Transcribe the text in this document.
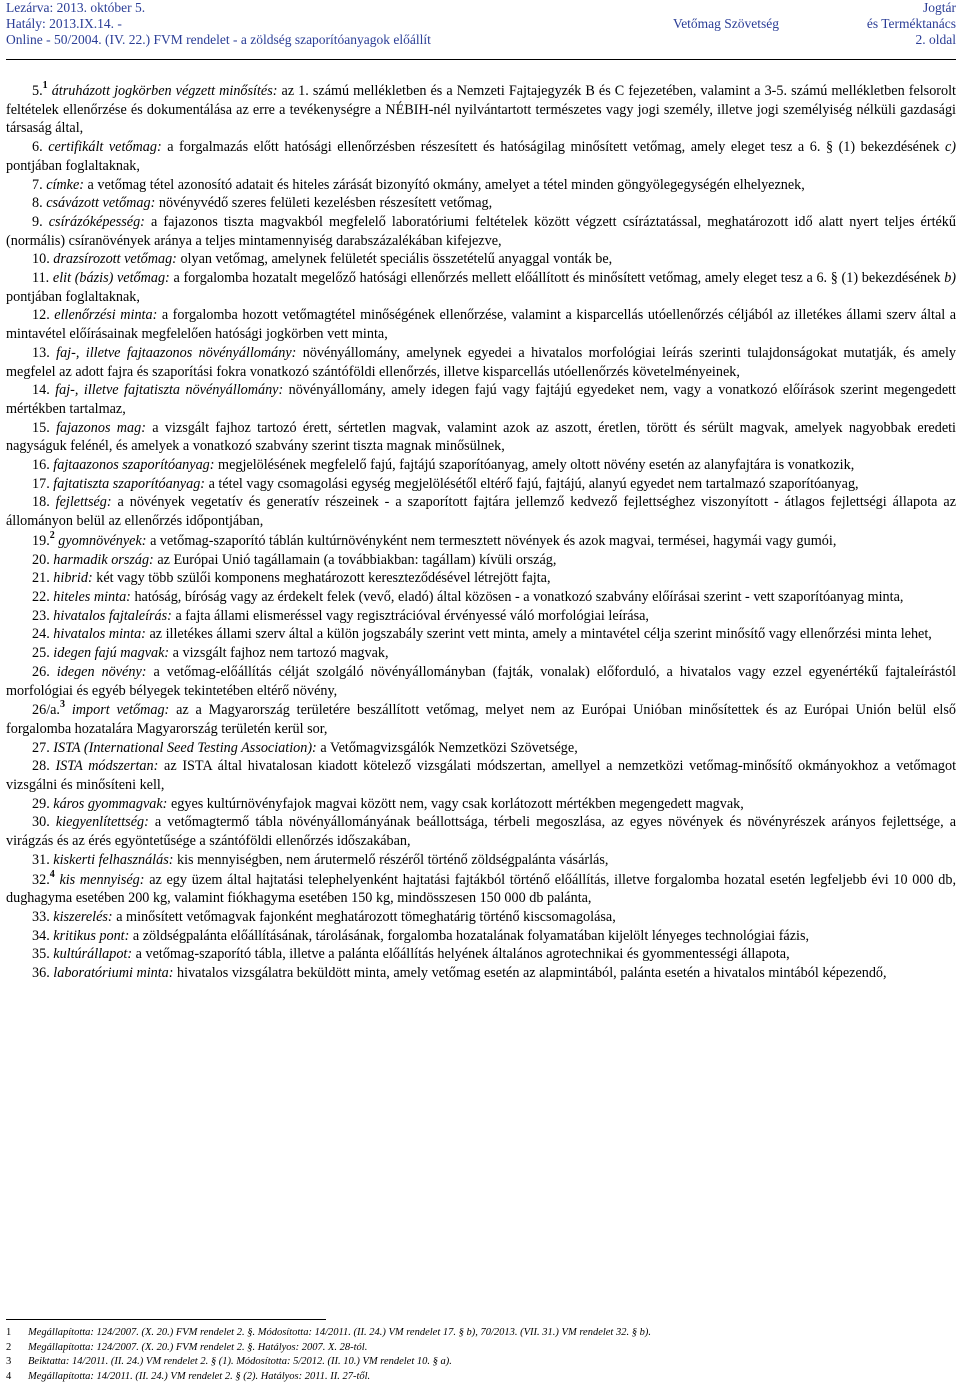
Lezárva: 2013. október 5.	Jogtár
Hatály: 2013.IX.14. -	Vetőmag Szövetség	és Terméktanács
Online - 50/2004. (IV. 22.) FVM rendelet - a zöldség szaporítóanyagok előállít	2. oldal

5.$^1$ átruházott jogkörben végzett minősítés: az 1. számú mellékletben és a Nemzeti Fajtajegyzék B és C fejezetében, valamint a 3-5. számú mellékletben felsorolt feltételek ellenőrzése és dokumentálása az erre a tevékenységre a NÉBIH-nél nyilvántartott természetes vagy jogi személy, illetve jogi személyiség nélküli gazdasági társaság által,

6. certifikált vetőmag: a forgalmazás előtt hatósági ellenőrzésben részesített és hatóságilag minősített vetőmag, amely eleget tesz a 6. § (1) bekezdésének c) pontjában foglaltaknak,

7. címke: a vetőmag tétel azonosító adatait és hiteles zárását bizonyító okmány, amelyet a tétel minden göngyölegegységén elhelyeznek,

8. csávázott vetőmag: növényvédő szeres felületi kezelésben részesített vetőmag,

9. csírázóképesség: a fajazonos tiszta magvakból megfelelő laboratóriumi feltételek között végzett csíráztatással, meghatározott idő alatt nyert teljes értékű (normális) csíranövények aránya a teljes mintamennyiség darabszázalékában kifejezve,

10. drazsírozott vetőmag: olyan vetőmag, amelynek felületét speciális összetételű anyaggal vonták be,

11. elit (bázis) vetőmag: a forgalomba hozatalt megelőző hatósági ellenőrzés mellett előállított és minősített vetőmag, amely eleget tesz a 6. § (1) bekezdésének b) pontjában foglaltaknak,

12. ellenőrzési minta: a forgalomba hozott vetőmagtétel minőségének ellenőrzése, valamint a kisparcellás utóellenőrzés céljából az illetékes állami szerv által a mintavétel előírásainak megfelelően hatósági jogkörben vett minta,

13. faj-, illetve fajtaazonos növényállomány: növényállomány, amelynek egyedei a hivatalos morfológiai leírás szerinti tulajdonságokat mutatják, és amely megfelel az adott fajra és szaporítási fokra vonatkozó szántóföldi ellenőrzés, illetve kisparcellás utóellenőrzés követelményeinek,

14. faj-, illetve fajtatiszta növényállomány: növényállomány, amely idegen fajú vagy fajtájú egyedeket nem, vagy a vonatkozó előírások szerint megengedett mértékben tartalmaz,

15. fajazonos mag: a vizsgált fajhoz tartozó érett, sértetlen magvak, valamint azok az aszott, éretlen, törött és sérült magvak, amelyek nagyobbak eredeti nagyságuk felénél, és amelyek a vonatkozó szabvány szerint tiszta magnak minősülnek,

16. fajtaazonos szaporítóanyag: megjelölésének megfelelő fajú, fajtájú szaporítóanyag, amely oltott növény esetén az alanyfajtára is vonatkozik,

17. fajtatiszta szaporítóanyag: a tétel vagy csomagolási egység megjelölésétől eltérő fajú, fajtájú, alanyú egyedet nem tartalmazó szaporítóanyag,

18. fejlettség: a növények vegetatív és generatív részeinek - a szaporított fajtára jellemző kedvező fejlettséghez viszonyított - átlagos fejlettségi állapota az állományon belül az ellenőrzés időpontjában,

19.$^2$ gyomnövények: a vetőmag-szaporító táblán kultúrnövényként nem termesztett növények és azok magvai, termései, hagymái vagy gumói,

20. harmadik ország: az Európai Unió tagállamain (a továbbiakban: tagállam) kívüli ország,

21. hibrid: két vagy több szülői komponens meghatározott kereszteződésével létrejött fajta,

22. hiteles minta: hatóság, bíróság vagy az érdekelt felek (vevő, eladó) által közösen - a vonatkozó szabvány előírásai szerint - vett szaporítóanyag minta,

23. hivatalos fajtaleírás: a fajta állami elismeréssel vagy regisztrációval érvényessé váló morfológiai leírása,

24. hivatalos minta: az illetékes állami szerv által a külön jogszabály szerint vett minta, amely a mintavétel célja szerint minősítő vagy ellenőrzési minta lehet,

25. idegen fajú magvak: a vizsgált fajhoz nem tartozó magvak,

26. idegen növény: a vetőmag-előállítás célját szolgáló növényállományban (fajták, vonalak) előforduló, a hivatalos vagy ezzel egyenértékű fajtaleírástól morfológiai és egyéb bélyegek tekintetében eltérő növény,

26/a.$^3$ import vetőmag: az a Magyarország területére beszállított vetőmag, melyet nem az Európai Unióban minősítettek és az Európai Unión belül első forgalomba hozatalára Magyarország területén kerül sor,

27. ISTA (International Seed Testing Association): a Vetőmagvizsgálók Nemzetközi Szövetsége,

28. ISTA módszertan: az ISTA által hivatalosan kiadott kötelező vizsgálati módszertan, amellyel a nemzetközi vetőmag-minősítő okmányokhoz a vetőmagot vizsgálni és minősíteni kell,

29. káros gyommagvak: egyes kultúrnövényfajok magvai között nem, vagy csak korlátozott mértékben megengedett magvak,

30. kiegyenlítettség: a vetőmagtermő tábla növényállományának beállottsága, térbeli megoszlása, az egyes növények és növényrészek arányos fejlettsége, a virágzás és az érés egyöntetűsége a szántóföldi ellenőrzés időszakában,

31. kiskerti felhasználás: kis mennyiségben, nem árutermelő részéről történő zöldségpalánta vásárlás,

32.$^4$ kis mennyiség: az egy üzem által hajtatási telephelyenként hajtatási fajtákból történő előállítás, illetve forgalomba hozatal esetén legfeljebb évi 10 000 db, dughagyma esetében 200 kg, valamint fiókhagyma esetében 150 kg, mindösszesen 150 000 db palánta,

33. kiszerelés: a minősített vetőmagvak fajonként meghatározott tömeghatárig történő kiscsomagolása,

34. kritikus pont: a zöldségpalánta előállításának, tárolásának, forgalomba hozatalának folyamatában kijelölt lényeges technológiai fázis,

35. kultúrállapot: a vetőmag-szaporító tábla, illetve a palánta előállítás helyének általános agrotechnikai és gyommentességi állapota,

36. laboratóriumi minta: hivatalos vizsgálatra beküldött minta, amely vetőmag esetén az alapmintából, palánta esetén a hivatalos mintából képezendő,

1	Megállapította: 124/2007. (X. 20.) FVM rendelet 2. §. Módosította: 14/2011. (II. 24.) VM rendelet 17. § b), 70/2013. (VII. 31.) VM rendelet 32. § b).
2	Megállapította: 124/2007. (X. 20.) FVM rendelet 2. §. Hatályos: 2007. X. 28-tól.
3	Beiktatta: 14/2011. (II. 24.) VM rendelet 2. § (1). Módosította: 5/2012. (II. 10.) VM rendelet 10. § a).
4	Megállapította: 14/2011. (II. 24.) VM rendelet 2. § (2). Hatályos: 2011. II. 27-től.
